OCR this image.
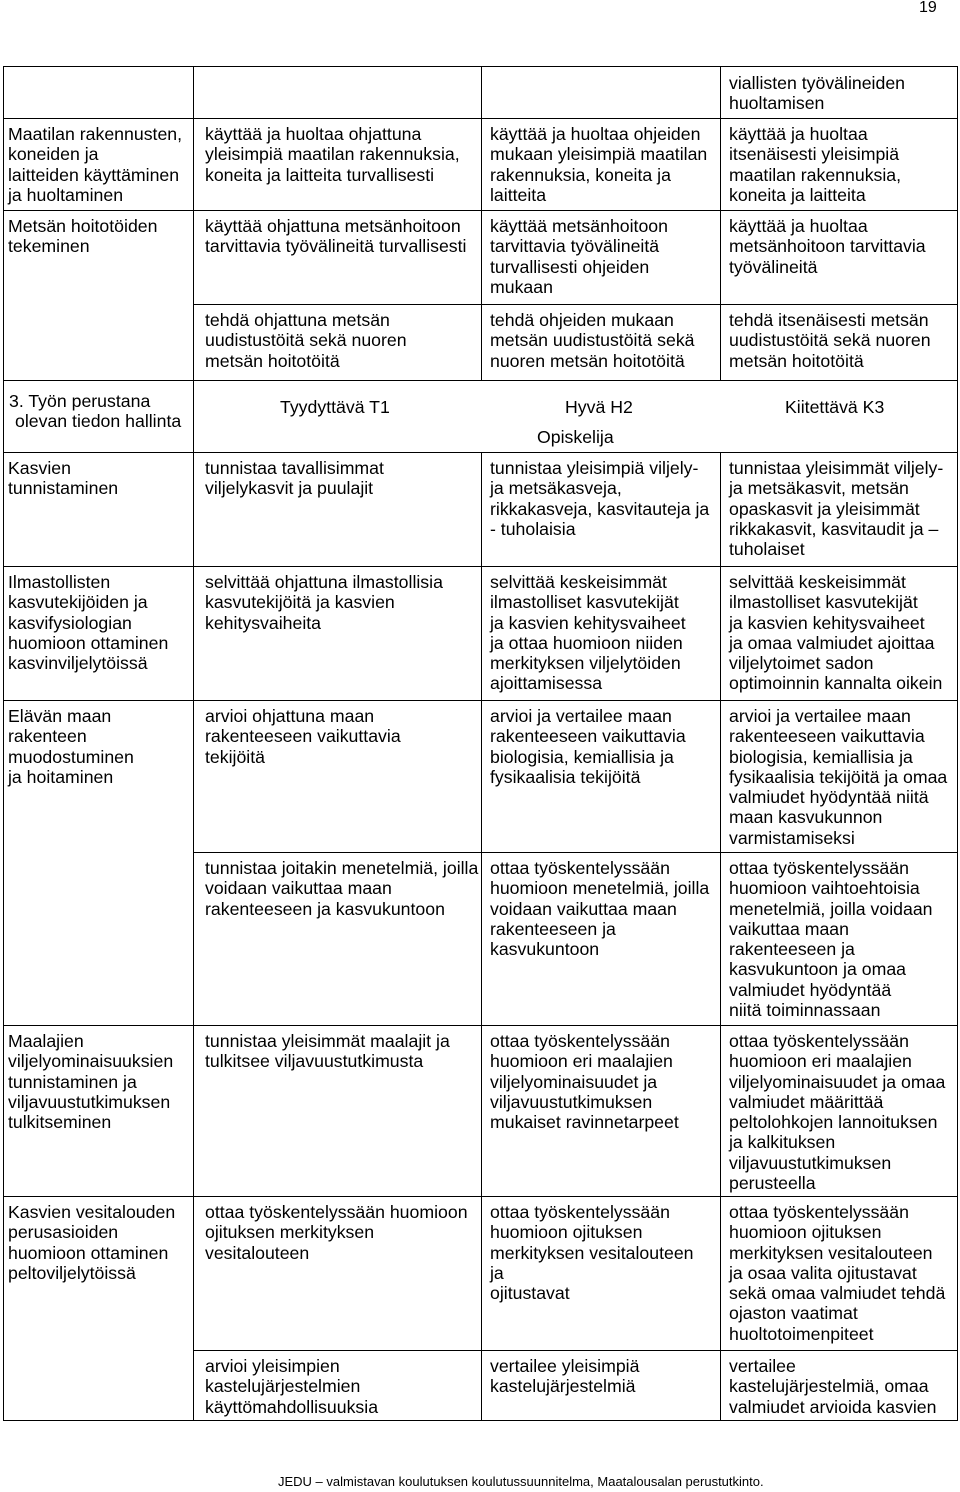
19
viallisten työvälineiden
huoltamisen
Maatilan rakennusten,
koneiden ja
laitteiden käyttäminen
ja huoltaminen
käyttää ja huoltaa ohjattuna
yleisimpiä maatilan rakennuksia,
koneita ja laitteita turvallisesti
käyttää ja huoltaa ohjeiden
mukaan yleisimpiä maatilan
rakennuksia, koneita ja
laitteita
käyttää ja huoltaa
itsenäisesti yleisimpiä
maatilan rakennuksia,
koneita ja laitteita
Metsän hoitotöiden
tekeminen
käyttää ohjattuna metsänhoitoon
tarvittavia työvälineitä turvallisesti
käyttää metsänhoitoon
tarvittavia työvälineitä
turvallisesti ohjeiden
mukaan
käyttää ja huoltaa
metsänhoitoon tarvittavia
työvälineitä
tehdä ohjattuna metsän
uudistustöitä sekä nuoren
metsän hoitotöitä
tehdä ohjeiden mukaan
metsän uudistustöitä sekä
nuoren metsän hoitotöitä
tehdä itsenäisesti metsän
uudistustöitä sekä nuoren
metsän hoitotöitä
3. Työn perustana
olevan tiedon hallinta
Tyydyttävä T1	Hyvä H2	Kiitettävä K3
Opiskelija
Kasvien
tunnistaminen
tunnistaa tavallisimmat
viljelykasvit ja puulajit
tunnistaa yleisimpiä viljely-
ja metsäkasveja,
rikkakasveja, kasvitauteja ja
- tuholaisia
tunnistaa yleisimmät viljely-
ja metsäkasvit, metsän
opaskasvit ja yleisimmät
rikkakasvit, kasvitaudit ja –
tuholaiset
Ilmastollisten
kasvutekijöiden ja
kasvifysiologian
huomioon ottaminen
kasvinviljelytöissä
selvittää ohjattuna ilmastollisia
kasvutekijöitä ja kasvien
kehitysvaiheita
selvittää keskeisimmät
ilmastolliset kasvutekijät
ja kasvien kehitysvaiheet
ja ottaa huomioon niiden
merkityksen viljelytöiden
ajoittamisessa
selvittää keskeisimmät
ilmastolliset kasvutekijät
ja kasvien kehitysvaiheet
ja omaa valmiudet ajoittaa
viljelytoimet sadon
optimoinnin kannalta oikein
Elävän maan
rakenteen
muodostuminen
ja hoitaminen
arvioi ohjattuna maan
rakenteeseen vaikuttavia
tekijöitä
arvioi ja vertailee maan
rakenteeseen vaikuttavia
biologisia, kemiallisia ja
fysikaalisia tekijöitä
arvioi ja vertailee maan
rakenteeseen vaikuttavia
biologisia, kemiallisia ja
fysikaalisia tekijöitä ja omaa
valmiudet hyödyntää niitä
maan kasvukunnon
varmistamiseksi
tunnistaa joitakin menetelmiä, joilla
voidaan vaikuttaa maan
rakenteeseen ja kasvukuntoon
ottaa työskentelyssään
huomioon menetelmiä, joilla
voidaan vaikuttaa maan
rakenteeseen ja
kasvukuntoon
ottaa työskentelyssään
huomioon vaihtoehtoisia
menetelmiä, joilla voidaan
vaikuttaa maan
rakenteeseen ja
kasvukuntoon ja omaa
valmiudet hyödyntää
niitä toiminnassaan
Maalajien
viljelyominaisuuksien
tunnistaminen ja
viljavuustutkimuksen
tulkitseminen
tunnistaa yleisimmät maalajit ja
tulkitsee viljavuustutkimusta
ottaa työskentelyssään
huomioon eri maalajien
viljelyominaisuudet ja
viljavuustutkimuksen
mukaiset ravinnetarpeet
ottaa työskentelyssään
huomioon eri maalajien
viljelyominaisuudet ja omaa
valmiudet määrittää
peltolohkojen lannoituksen
ja kalkituksen
viljavuustutkimuksen
perusteella
Kasvien vesitalouden
perusasioiden
huomioon ottaminen
peltoviljelytöissä
ottaa työskentelyssään huomioon
ojituksen merkityksen
vesitalouteen
ottaa työskentelyssään
huomioon ojituksen
merkityksen vesitalouteen
ja
ojitustavat
ottaa työskentelyssään
huomioon ojituksen
merkityksen vesitalouteen
ja osaa valita ojitustavat
sekä omaa valmiudet tehdä
ojaston vaatimat
huoltotoimenpiteet
arvioi yleisimpien
kastelujärjestelmien
käyttömahdollisuuksia
vertailee yleisimpiä
kastelujärjestelmiä
vertailee
kastelujärjestelmiä, omaa
valmiudet arvioida kasvien
JEDU – valmistavan koulutuksen koulutussuunnitelma, Maatalousalan perustutkinto.
